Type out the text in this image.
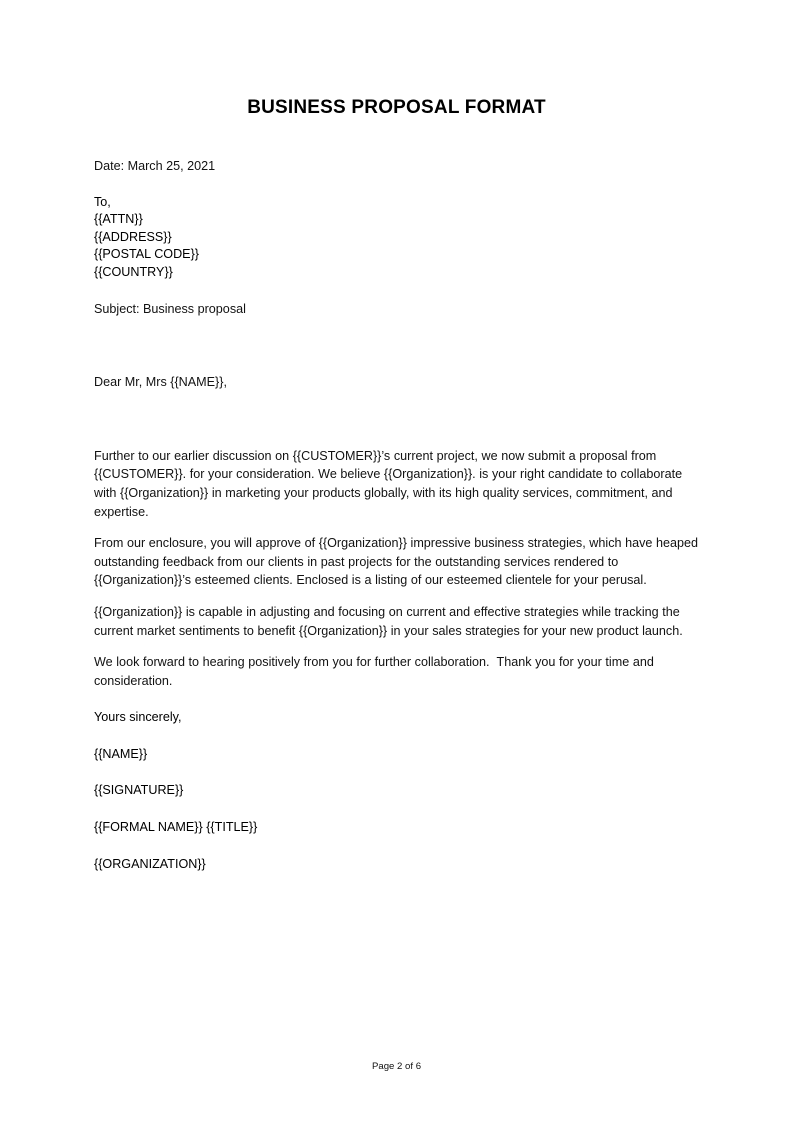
BUSINESS PROPOSAL FORMAT
Date: March 25, 2021
To,
{{ATTN}}
{{ADDRESS}}
{{POSTAL CODE}}
{{COUNTRY}}
Subject: Business proposal
Dear Mr, Mrs {{NAME}},

Further to our earlier discussion on {{CUSTOMER}}’s current project, we now submit a proposal from {{CUSTOMER}}. for your consideration. We believe {{Organization}}. is your right candidate to collaborate with {{Organization}} in marketing your products globally, with its high quality services, commitment, and expertise.

From our enclosure, you will approve of {{Organization}} impressive business strategies, which have heaped outstanding feedback from our clients in past projects for the outstanding services rendered to {{Organization}}’s esteemed clients. Enclosed is a listing of our esteemed clientele for your perusal.

{{Organization}} is capable in adjusting and focusing on current and effective strategies while tracking the current market sentiments to benefit {{Organization}} in your sales strategies for your new product launch.

We look forward to hearing positively from you for further collaboration.  Thank you for your time and consideration.

Yours sincerely,
{{NAME}}
{{SIGNATURE}}
{{FORMAL NAME}} {{TITLE}}
{{ORGANIZATION}}
Page 2 of 6
